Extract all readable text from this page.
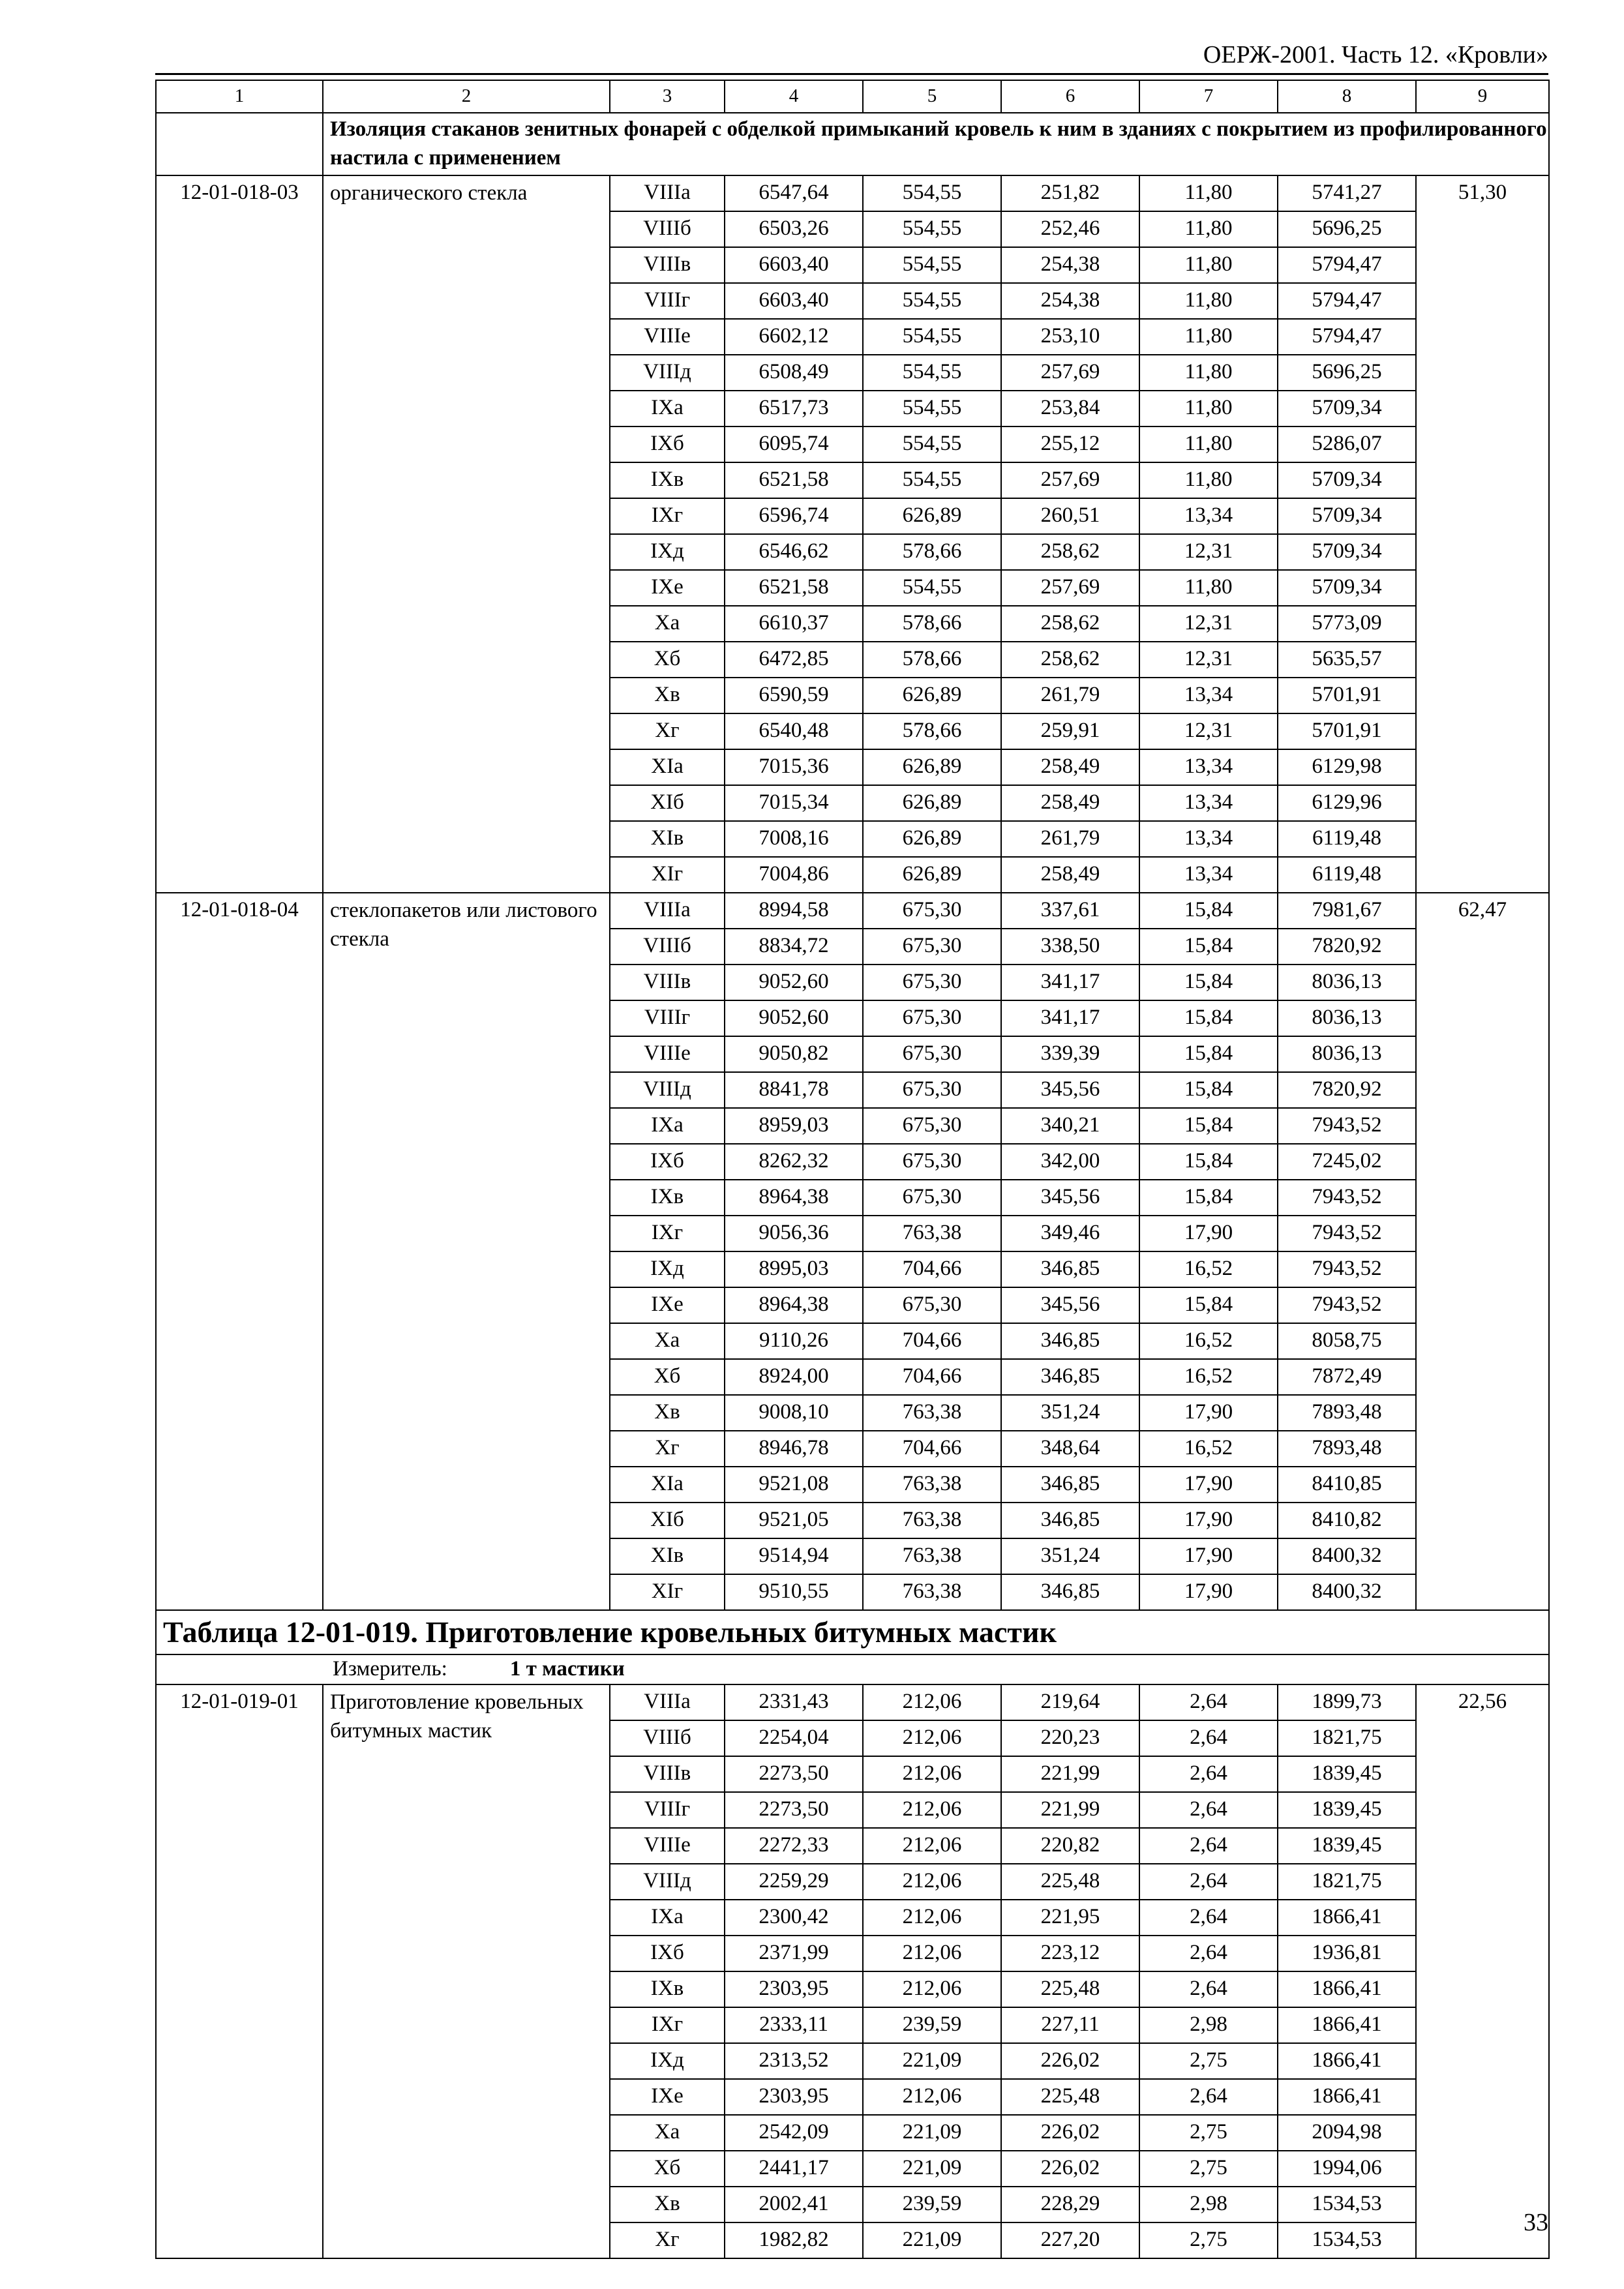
ОЕРЖ-2001. Часть 12. «Кровли»
1	2	3	4	5	6	7	8	9
	Изоляция стаканов зенитных фонарей с обделкой примыканий кровель к ним в зданиях с покрытием из профилированного настила с применением							
12-01-018-03	органического стекла	VIIIа	6547,64	554,55	251,82	11,80	5741,27	51,30
		VIIIб	6503,26	554,55	252,46	11,80	5696,25	
		VIIIв	6603,40	554,55	254,38	11,80	5794,47	
		VIIIг	6603,40	554,55	254,38	11,80	5794,47	
		VIIIе	6602,12	554,55	253,10	11,80	5794,47	
		VIIIд	6508,49	554,55	257,69	11,80	5696,25	
		IXа	6517,73	554,55	253,84	11,80	5709,34	
		IXб	6095,74	554,55	255,12	11,80	5286,07	
		IXв	6521,58	554,55	257,69	11,80	5709,34	
		IXг	6596,74	626,89	260,51	13,34	5709,34	
		IXд	6546,62	578,66	258,62	12,31	5709,34	
		IXе	6521,58	554,55	257,69	11,80	5709,34	
		Xа	6610,37	578,66	258,62	12,31	5773,09	
		Xб	6472,85	578,66	258,62	12,31	5635,57	
		Xв	6590,59	626,89	261,79	13,34	5701,91	
		Xг	6540,48	578,66	259,91	12,31	5701,91	
		XIа	7015,36	626,89	258,49	13,34	6129,98	
		XIб	7015,34	626,89	258,49	13,34	6129,96	
		XIв	7008,16	626,89	261,79	13,34	6119,48	
		XIг	7004,86	626,89	258,49	13,34	6119,48	
12-01-018-04	стеклопакетов или листового стекла	VIIIа	8994,58	675,30	337,61	15,84	7981,67	62,47
		VIIIб	8834,72	675,30	338,50	15,84	7820,92	
		VIIIв	9052,60	675,30	341,17	15,84	8036,13	
		VIIIг	9052,60	675,30	341,17	15,84	8036,13	
		VIIIе	9050,82	675,30	339,39	15,84	8036,13	
		VIIIд	8841,78	675,30	345,56	15,84	7820,92	
		IXа	8959,03	675,30	340,21	15,84	7943,52	
		IXб	8262,32	675,30	342,00	15,84	7245,02	
		IXв	8964,38	675,30	345,56	15,84	7943,52	
		IXг	9056,36	763,38	349,46	17,90	7943,52	
		IXд	8995,03	704,66	346,85	16,52	7943,52	
		IXе	8964,38	675,30	345,56	15,84	7943,52	
		Xа	9110,26	704,66	346,85	16,52	8058,75	
		Xб	8924,00	704,66	346,85	16,52	7872,49	
		Xв	9008,10	763,38	351,24	17,90	7893,48	
		Xг	8946,78	704,66	348,64	16,52	7893,48	
		XIа	9521,08	763,38	346,85	17,90	8410,85	
		XIб	9521,05	763,38	346,85	17,90	8410,82	
		XIв	9514,94	763,38	351,24	17,90	8400,32	
		XIг	9510,55	763,38	346,85	17,90	8400,32	
Таблица 12-01-019. Приготовление кровельных битумных мастик								
Измеритель: 1 т мастики								
12-01-019-01	Приготовление кровельных битумных мастик	VIIIа	2331,43	212,06	219,64	2,64	1899,73	22,56
		VIIIб	2254,04	212,06	220,23	2,64	1821,75	
		VIIIв	2273,50	212,06	221,99	2,64	1839,45	
		VIIIг	2273,50	212,06	221,99	2,64	1839,45	
		VIIIе	2272,33	212,06	220,82	2,64	1839,45	
		VIIIд	2259,29	212,06	225,48	2,64	1821,75	
		IXа	2300,42	212,06	221,95	2,64	1866,41	
		IXб	2371,99	212,06	223,12	2,64	1936,81	
		IXв	2303,95	212,06	225,48	2,64	1866,41	
		IXг	2333,11	239,59	227,11	2,98	1866,41	
		IXд	2313,52	221,09	226,02	2,75	1866,41	
		IXе	2303,95	212,06	225,48	2,64	1866,41	
		Xа	2542,09	221,09	226,02	2,75	2094,98	
		Xб	2441,17	221,09	226,02	2,75	1994,06	
		Xв	2002,41	239,59	228,29	2,98	1534,53	
		Xг	1982,82	221,09	227,20	2,75	1534,53	
33
